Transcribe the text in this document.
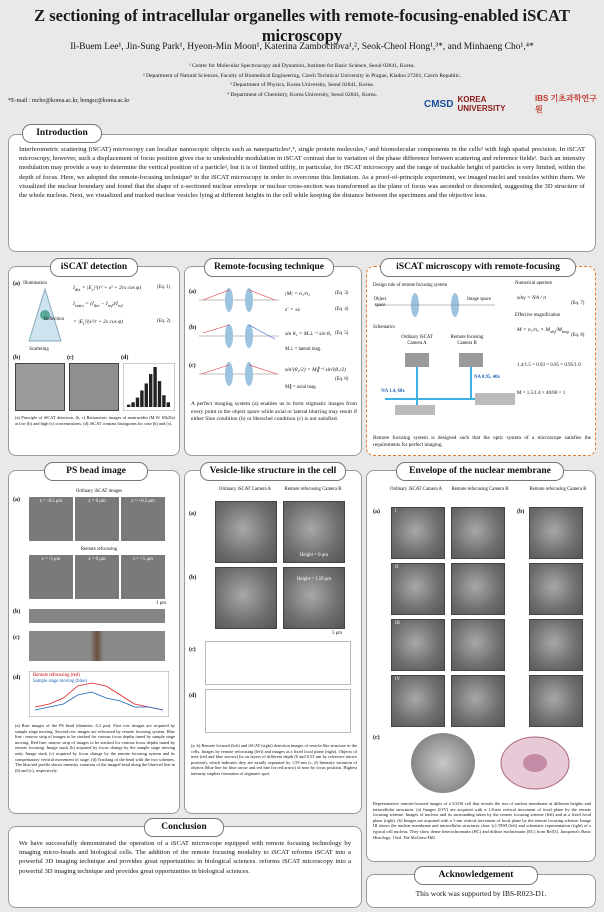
Z sectioning of intracellular organelles with remote-focusing-enabled iSCAT microscopy
Il-Buem Lee¹, Jin-Sung Park¹, Hyeon-Min Moon¹, Katerina Zambochova¹,², Seok-Cheol Hong¹,³*, and Minhaeng Cho¹,⁴*
¹ Center for Molecular Spectroscopy and Dynamics, Institute for Basic Science, Seoul 02841, Korea.
² Department of Natural Sciences, Faculty of Biomedical Engineering, Czech Technical University in Prague, Kladno 27201, Czech Republic.
³ Department of Physics, Korea University, Seoul 02841, Korea.
⁴ Department of Chemistry, Korea University, Seoul 02841, Korea.
*E-mail : mcho@korea.ac.kr, hongsc@korea.ac.kr	CMSD KOREA UNIVERSITY
IBS 기초과학연구원
Introduction
Interferometric scattering (iSCAT) microscopy can localize nanoscopic objects such as nanoparticles¹,⁴, single protein molecules,³ and biomolecular components in the cells³ with high spatial precision. In iSCAT microscopy, however, such a displacement of focus position gives rise to undesirable modulation in iSCAT contrast due to variation of the phase difference between scattering and reference fields¹. Such an intensity modulation may provide a way to determine the vertical position of a particle², but it is of limited utility, in particular, for iSCAT microscopy and the range of trackable height of particles is very limited, within the depth of focus. Here, we adopted the remote-focusing technique⁵ to the iSCAT microscopy in order to overcome this limitation. As a proof-of-principle experiment, we imaged nuclei and vesicles within them. We visualized the nuclear boundary and found that the shape of z-sectioned nuclear envelope or nuclear cross-section was transformed as the plane of focus was ascended or descended, suggesting the 3D structure of the whole nucleus. Next, we visualized and tracked nuclear vesicles lying at different heights in the cell while keeping the distance between the specimens and the objective lens.
iSCAT detection
(a) Illumination
Reflection
Scattering
$I_{det} = |E_r|^2(r^2 + s^2 + 2rs$ cos φ)
$I_{ratio} = (I_{det} - I_{ref})/I_{ref}$
= $|E_i|^2(s^2/r + 2s$ cos φ)
(Eq. 1)
(Eq. 2)
(b)	(c)	(d)
(a) Principle of iSCAT detection. (b, c) Ratiometric images of neutravidin (M.W. 65kDa) at low (b) and high (c) concentrations. (d) iSCAT contrast histograms for case (b) and (c).
Remote-focusing technique
(a)
(b)
(c)
|M| = n₁/n₂	(Eq. 3)
z' = ±z	(Eq. 4)
sin θ₂ = M⊥⁻¹ sin θ₁ (Eq. 5)
M⊥ = lateral mag.
sin²(θ₂/2) = M∥⁻¹ sin²(θ₁/2)
(Eq. 6)
M∥ = axial mag.
A perfect imaging system (a) enables us to form stigmatic images from every point in the object space while axial or lateral blurring may result if either Sine condition (b) or Herschel condition (c) is not satisfied.
iSCAT microscopy with remote-focusing
Design rule of remote focusing system
Object space
Image space
Schematics
Ordinary iSCAT Camera A
Remote focusing Camera B
NA 1.4, 60x
NA 0.95, 40x
Numerical aperture
sinγ = NA / n
(Eq. 7)
Effective magnification
$M = n_1/n_2 \times M_{obj}/M_{img}$
(Eq. 8)
1.4/1.5 = 0.93 = 0.95 = 0.95/1.0
M = 1.5/1.4 × 40/60 = 1
Remote focusing system is designed such that the optic system of a microscope satisfies the requirements for perfect imaging.
PS bead image
(a)
Ordinary iSCAT images
z = -0.5 μm	z = 0 μm	z = +0.5 μm
Remote refocusing
z = -5 μm	z = 0 μm	z = +5 μm
1 μm
(b)
(c)
(d)	Remote refocusing (red)
Sample stage moving (blue)
(a) Raw images of the PS bead (diameter, 0.2 μm). First row images are acquired by sample stage moving. Second row images are refocused by remote focusing system. Blue line : narrow strip of images to be stacked for various focus depths tuned by sample stage moving. Red line: narrow strip of images to be stacked for various focus depths tuned by remote focusing. Image stack (b) acquired by focus change by the sample stage moving only. Image stack (c) acquired by focus change by the remote focusing system and its compensatory vertical movement of stage. (d) Tracking of the bead with the two schemes. The blue/red profile shows intensity variation of the imaged bead along the blue/red line in (b) and (c), respectively.
Vesicle-like structure in the cell
Ordinary iSCAT Camera A	Remote refocusing Camera B
(a)
Height = 0 μm
(b)	Height = 1.59 μm
5 μm
(c)
(d)
(a, b) Remote focused (left) and iSCAT (right) detection images of vesicle-like structure in the cells. Images by remote refocusing (left) and images at a fixed focal plane (right). Objects of note (red and blue arrows) lie on layers of different depth (0 and 0.53 nm by reference mirror position), which indicates they are axially separated by 1.59 nm (c, d) Intensity variation of objects (blue line for blue arrow and red line for red arrow) of note by focus position. Highest intensity implies formation of stigmatic spot.
Envelope of the nuclear membrane
Ordinary iSCAT Camera A	Remote refocusing Camera B	Remote refocusing Camera B
(a)	(b)
I
II
III
IV
(c)
Representative remote-focused images of a U2OS cell that reveals the rim of nuclear membrane at different heights and intracellular structures. (a) Images (I-IV) are acquired with a 1.8-nm vertical increment of focal plane by the remote focusing scheme. Images of nucleus and its surrounding taken by the remote focusing scheme (left) and at a fixed focal plane (right). (b) Images are acquired with a 1-nm vertical increment of focal plane by the remote focusing scheme. Image III shows the nuclear membrane and intracellular structures clear. (c) TEM (left) and schematic representation (right) of a typical cell nucleus. They show dense heterochromatin (HC) and diffuse euchromatin (EC) from Ref[3]. Junqueira's Basic Histology. 13ed. The McGraw-Hill.
Conclusion
We have successfully demonstrated the operation of a iSCAT microscope equipped with remote focusing technology by imaging micro-beads and biological cells. The addition of the remote focusing modality to iSCAT reforms iSCAT into a powerful 3D imaging technique and provides great opportunities in biological sciences. reforms iSCAT microscopy into a powerful 3D imaging technique and provides great opportunities in biological sciences.	Acknowledgement
This work was supported by IBS-R023-D1.
